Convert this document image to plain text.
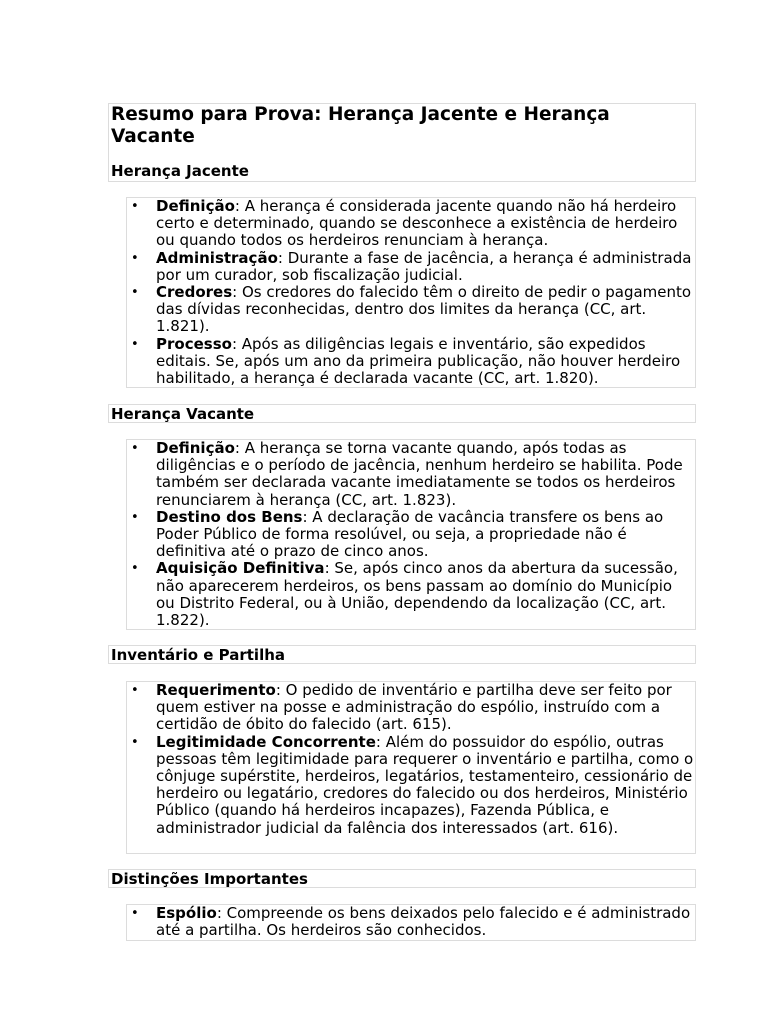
Resumo para Prova: Herança Jacente e Herança Vacante
Herança Jacente
• Definição: A herança é considerada jacente quando não há herdeiro certo e determinado, quando se desconhece a existência de herdeiro ou quando todos os herdeiros renunciam à herança.
• Administração: Durante a fase de jacência, a herança é administrada por um curador, sob fiscalização judicial.
• Credores: Os credores do falecido têm o direito de pedir o pagamento das dívidas reconhecidas, dentro dos limites da herança (CC, art. 1.821).
• Processo: Após as diligências legais e inventário, são expedidos editais. Se, após um ano da primeira publicação, não houver herdeiro habilitado, a herança é declarada vacante (CC, art. 1.820).
Herança Vacante
• Definição: A herança se torna vacante quando, após todas as diligências e o período de jacência, nenhum herdeiro se habilita. Pode também ser declarada vacante imediatamente se todos os herdeiros renunciarem à herança (CC, art. 1.823).
• Destino dos Bens: A declaração de vacância transfere os bens ao Poder Público de forma resolúvel, ou seja, a propriedade não é definitiva até o prazo de cinco anos.
• Aquisição Definitiva: Se, após cinco anos da abertura da sucessão, não aparecerem herdeiros, os bens passam ao domínio do Município ou Distrito Federal, ou à União, dependendo da localização (CC, art. 1.822).
Inventário e Partilha
• Requerimento: O pedido de inventário e partilha deve ser feito por quem estiver na posse e administração do espólio, instruído com a certidão de óbito do falecido (art. 615).
• Legitimidade Concorrente: Além do possuidor do espólio, outras pessoas têm legitimidade para requerer o inventário e partilha, como o cônjuge supérstite, herdeiros, legatários, testamenteiro, cessionário de herdeiro ou legatário, credores do falecido ou dos herdeiros, Ministério Público (quando há herdeiros incapazes), Fazenda Pública, e administrador judicial da falência dos interessados (art. 616).
Distinções Importantes
• Espólio: Compreende os bens deixados pelo falecido e é administrado até a partilha. Os herdeiros são conhecidos.
